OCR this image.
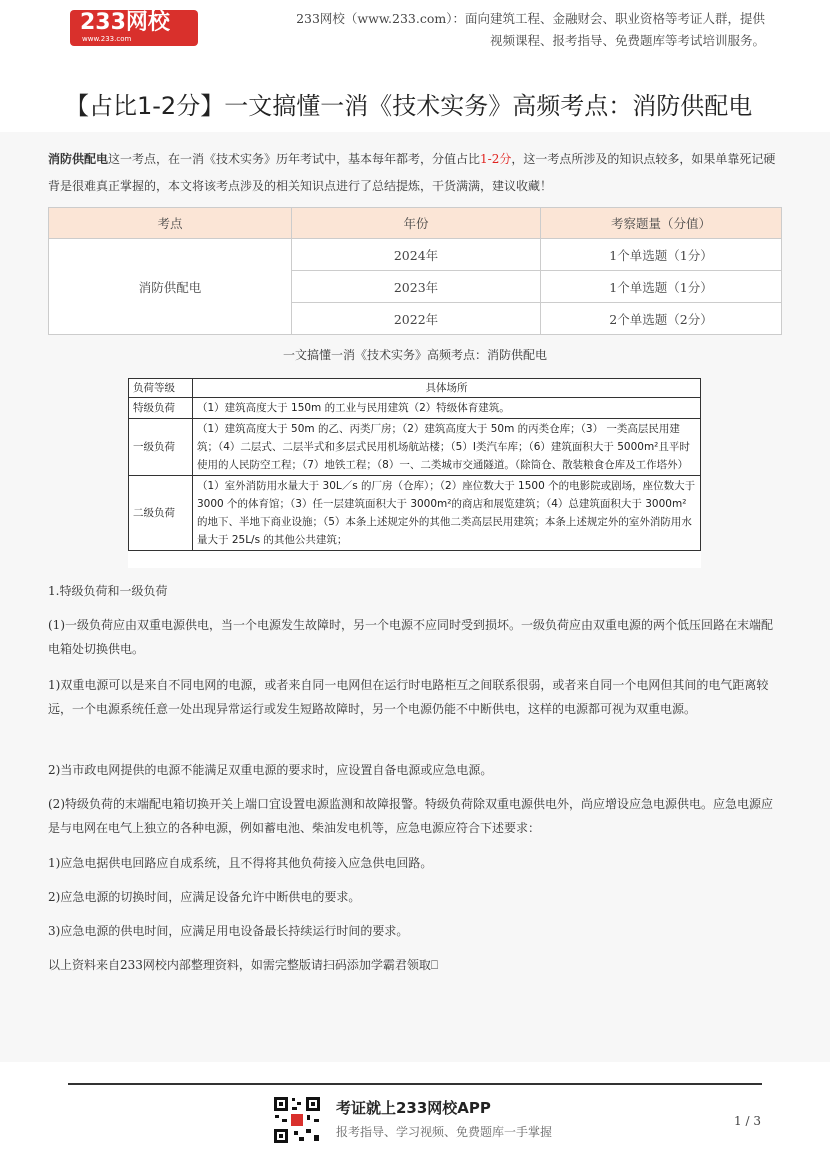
233网校
www.233.com
233网校（www.233.com）：面向建筑工程、金融财会、职业资格等考证人群，提供视频课程、报考指导、免费题库等考试培训服务。
【占比1-2分】一文搞懂一消《技术实务》高频考点：消防供配电
消防供配电这一考点，在一消《技术实务》历年考试中，基本每年都考，分值占比1-2分，这一考点所涉及的知识点较多，如果单靠死记硬背是很难真正掌握的，本文将该考点涉及的相关知识点进行了总结提炼，干货满满，建议收藏！
考点	年份	考察题量（分值）
消防供配电	2024年	1个单选题（1分）
	2023年	1个单选题（1分）
	2022年	2个单选题（2分）
一文搞懂一消《技术实务》高频考点：消防供配电
负荷等级	具体场所
特级负荷	（1）建筑高度大于 150m 的工业与民用建筑（2）特级体育建筑。
一级负荷	（1）建筑高度大于 50m 的乙、丙类厂房；（2）建筑高度大于 50m 的丙类仓库；（3） 一类高层民用建筑；（4）二层式、二层半式和多层式民用机场航站楼；（5）Ⅰ类汽车库；（6）建筑面积大于 5000m²且平时使用的人民防空工程；（7）地铁工程；（8）一、二类城市交通隧道。（除筒仓、散装粮食仓库及工作塔外）
二级负荷	（1）室外消防用水量大于 30L／s 的厂房（仓库）；（2）座位数大于 1500 个的电影院或剧场，座位数大于 3000 个的体育馆；（3）任一层建筑面积大于 3000m²的商店和展览建筑；（4）总建筑面积大于 3000m²的地下、半地下商业设施；（5）本条上述规定外的其他二类高层民用建筑；本条上述规定外的室外消防用水量大于 25L/s 的其他公共建筑；
1.特级负荷和一级负荷
(1)一级负荷应由双重电源供电，当一个电源发生故障时，另一个电源不应同时受到损坏。一级负荷应由双重电源的两个低压回路在末端配电箱处切换供电。
1)双重电源可以是来自不同电网的电源，或者来自同一电网但在运行时电路柜互之间联系很弱，或者来自同一个电网但其间的电气距离较远，一个电源系统任意一处出现异常运行或发生短路故障时，另一个电源仍能不中断供电，这样的电源都可视为双重电源。
2)当市政电网提供的电源不能满足双重电源的要求时，应设置自备电源或应急电源。
(2)特级负荷的末端配电箱切换开关上端口宜设置电源监测和故障报警。特级负荷除双重电源供电外，尚应增设应急电源供电。应急电源应是与电网在电气上独立的各种电源，例如蓄电池、柴油发电机等，应急电源应符合下述要求：
1)应急电据供电回路应自成系统，且不得将其他负荷接入应急供电回路。
2)应急电源的切换时间，应满足设备允许中断供电的要求。
3)应急电源的供电时间，应满足用电设备最长持续运行时间的要求。
以上资料来自233网校内部整理资料，如需完整版请扫码添加学霸君领取⎕
考证就上233网校APP
报考指导、学习视频、免费题库一手掌握
1 / 3
